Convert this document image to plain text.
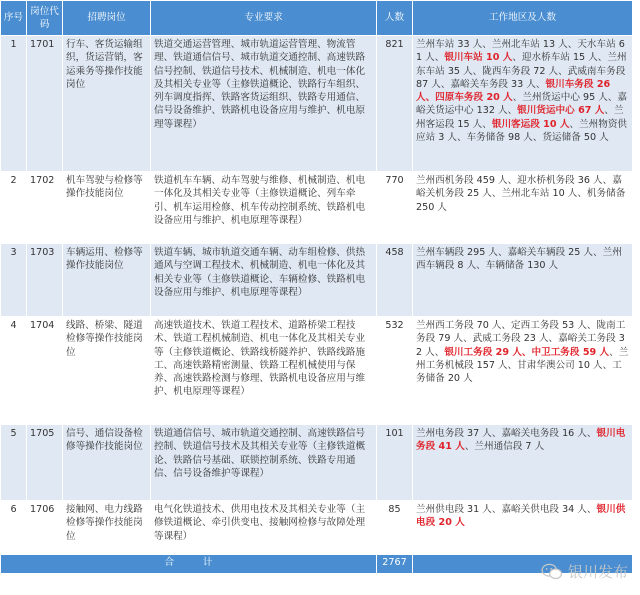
序号	岗位代码	招聘岗位	专业要求	人数	工作地区及人数
1	1701	行车、客货运输组织，货运营销，客运乘务等操作技能岗位	铁道交通运营管理、城市轨道运营管理、物流管理、铁道通信信号、城市轨道交通控制、高速铁路信号控制、铁道信号技术、机械制造、机电一体化及其相关专业等（主修铁道概论、铁路行车组织、列车调度指挥、铁路客货运组织、铁路专用通信、信号设备维护、铁路机电设备应用与维护、机电原理等课程）	821	兰州车站 33 人、兰州北车站 13 人、天水车站 61 人、银川车站 10 人、迎水桥车站 15 人、兰州东车站 35 人、陇西车务段 72 人、武威南车务段 87 人、嘉峪关车务段 33 人、银川车务段 26 人、四原车务段 20 人、兰州货运中心 95 人、嘉峪关货运中心 132 人、银川货运中心 67 人、兰州客运段 15 人、银川客运段 10 人、兰州物资供应站 3 人、车务储备 98 人、货运储备 50 人
2	1702	机车驾驶与检修等操作技能岗位	铁道机车车辆、动车驾驶与维修、机械制造、机电一体化及其相关专业等（主修铁道概论、列车牵引、机车运用检修、机车传动控制系统、铁路机电设备应用与维护、机电原理等课程）	770	兰州西机务段 459 人、迎水桥机务段 36 人、嘉峪关机务段 25 人、兰州北车站 10 人、机务储备 250 人
3	1703	车辆运用、检修等操作技能岗位	铁道车辆、城市轨道交通车辆、动车组检修、供热通风与空调工程技术、机械制造、机电一体化及其相关专业等（主修铁道概论、车辆检修、铁路机电设备应用与维护、机电原理等课程）	458	兰州车辆段 295 人、嘉峪关车辆段 25 人、兰州西车辆段 8 人、车辆储备 130 人
4	1704	线路、桥梁、隧道检修等操作技能岗位	高速铁道技术、铁道工程技术、道路桥梁工程技术、铁道工程机械制造、机电一体化及其相关专业等（主修铁道概论、铁路线桥隧养护、铁路线路施工、高速铁路精密测量、铁路工程机械使用与保养、高速铁路检测与修理、铁路机电设备应用与维护、机电原理等课程）	532	兰州西工务段 70 人、定西工务段 53 人、陇南工务段 79 人、武威工务段 23 人、嘉峪关工务段 32 人、银川工务段 29 人、中卫工务段 59 人、兰州工务机械段 157 人、甘肃华澳公司 10 人、工务储备 20 人
5	1705	信号、通信设备检修等操作技能岗位	铁道通信信号、城市轨道交通控制、高速铁路信号控制、铁道信号技术及其相关专业等（主修铁道概论、铁路信号基础、联锁控制系统、铁路专用通信、信号设备维护等课程）	101	兰州电务段 37 人、嘉峪关电务段 16 人、银川电务段 41 人、兰州通信段 7 人
6	1706	接触网、电力线路检修等操作技能岗位	电气化铁道技术、供用电技术及其相关专业等（主修铁道概论、牵引供变电、接触网检修与故障处理等课程）	85	兰州供电段 31 人、嘉峪关供电段 34 人、银川供电段 20 人
合　　　计				2767	
银川发布
